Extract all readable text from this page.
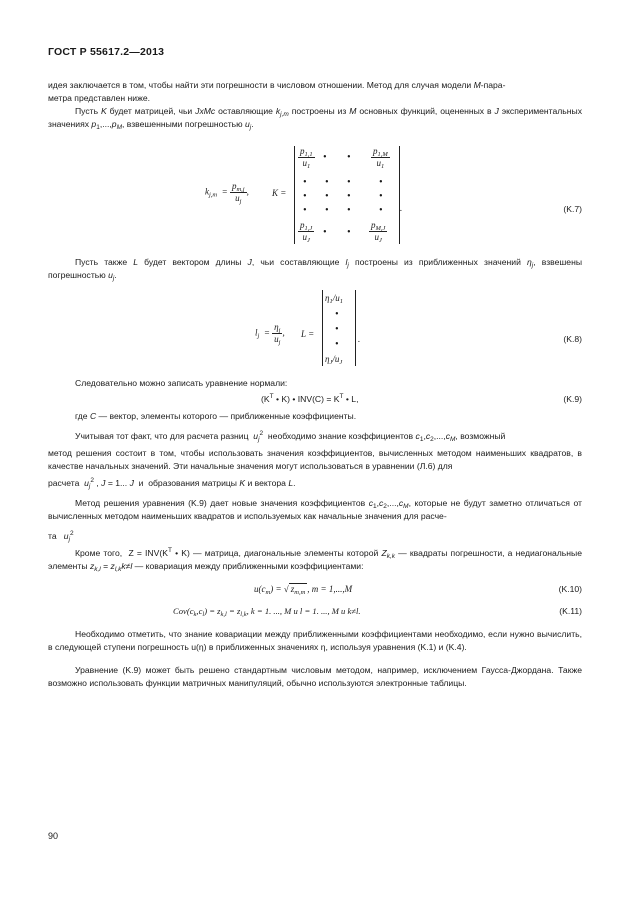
ГОСТ Р 55617.2—2013
идея заключается в том, чтобы найти эти погрешности в числовом отношении. Метод для случая модели M-пара-
метра представлен ниже.
Пусть K будет матрицей, чьи JxMc оставляющие $k_{j,m}$ построены из M основных функций, оцененных в J экспериментальных значениях $p_1,...,p_M$, взвешенными погрешностью $u_j$.
$k_{j,m} = \frac{p_{m,j}}{u_j}$ ,	K =
$\frac{p_{1,1}}{u_1}$ • • $\frac{p_{1,M}}{u_1}$
• • •	•
• • •	•
• • •	•
$\frac{p_{1,J}}{u_J}$ • • $\frac{p_{M,J}}{u_J}$
.	(K.7)
Пусть также L будет вектором длины J, чьи составляющие $l_j$ построены из приближенных значений $\eta_j$, взвешены погрешностью $u_j$.
$l_j = \frac{\eta_j}{u_j}$ , L =
$\eta_1/u_1$
•
•
•
$\eta_J/u_J$
.	(K.8)
Следовательно можно записать уравнение нормали:
($K^T$ • K) • $INV(C) = K^T$ • L,	(K.9)
где C — вектор, элементы которого — приближенные коэффициенты.
Учитывая тот факт, что для расчета разниц  $u_j^2$  необходимо знание коэффициентов $c_1,c_2,...,c_M$, возможный
метод решения состоит в том, чтобы использовать значения коэффициентов, вычисленных методом наименьших квадратов, в качестве начальных значений. Эти начальные значения могут использоваться в уравнении (Л.6) для
расчета  $u_j^2$ , J = 1... J  и  образования матрицы K и вектора L.
Метод решения уравнения (K.9) дает новые значения коэффициентов $c_1,c_2,...,c_M$, которые не будут заметно отличаться от вычисленных методом наименьших квадратов и используемых как начальные значения для расче-
та   $u_j^2$
Кроме того,  $Z = INV(K^T$ • K) — матрица, диагональные элементы которой $Z_{k,k}$ — квадраты погрешности, а недиагональные элементы $z_{k,l} = z_{l,k}k\ne l$ — ковариация между приближенными коэффициентами:
$u(c_m)$ = √ $z_{m,m}$ , m = 1,...,M	(K.10)
$Cov(c_k,c_l) = z_{k,l} = z_{l,k}$, k = 1. ..., M и l = 1. ..., M и k≠l.	(K.11)
Необходимо отметить, что знание ковариации между приближенными коэффициентами необходимо, если нужно вычислить, в следующей ступени погрешность u(η) в приближенных значениях η, используя уравнения (K.1) и (K.4).
Уравнение (K.9) может быть решено стандартным числовым методом, например, исключением Гаусса-Джордана. Также возможно использовать функции матричных манипуляций, обычно используются электронные таблицы.
90
